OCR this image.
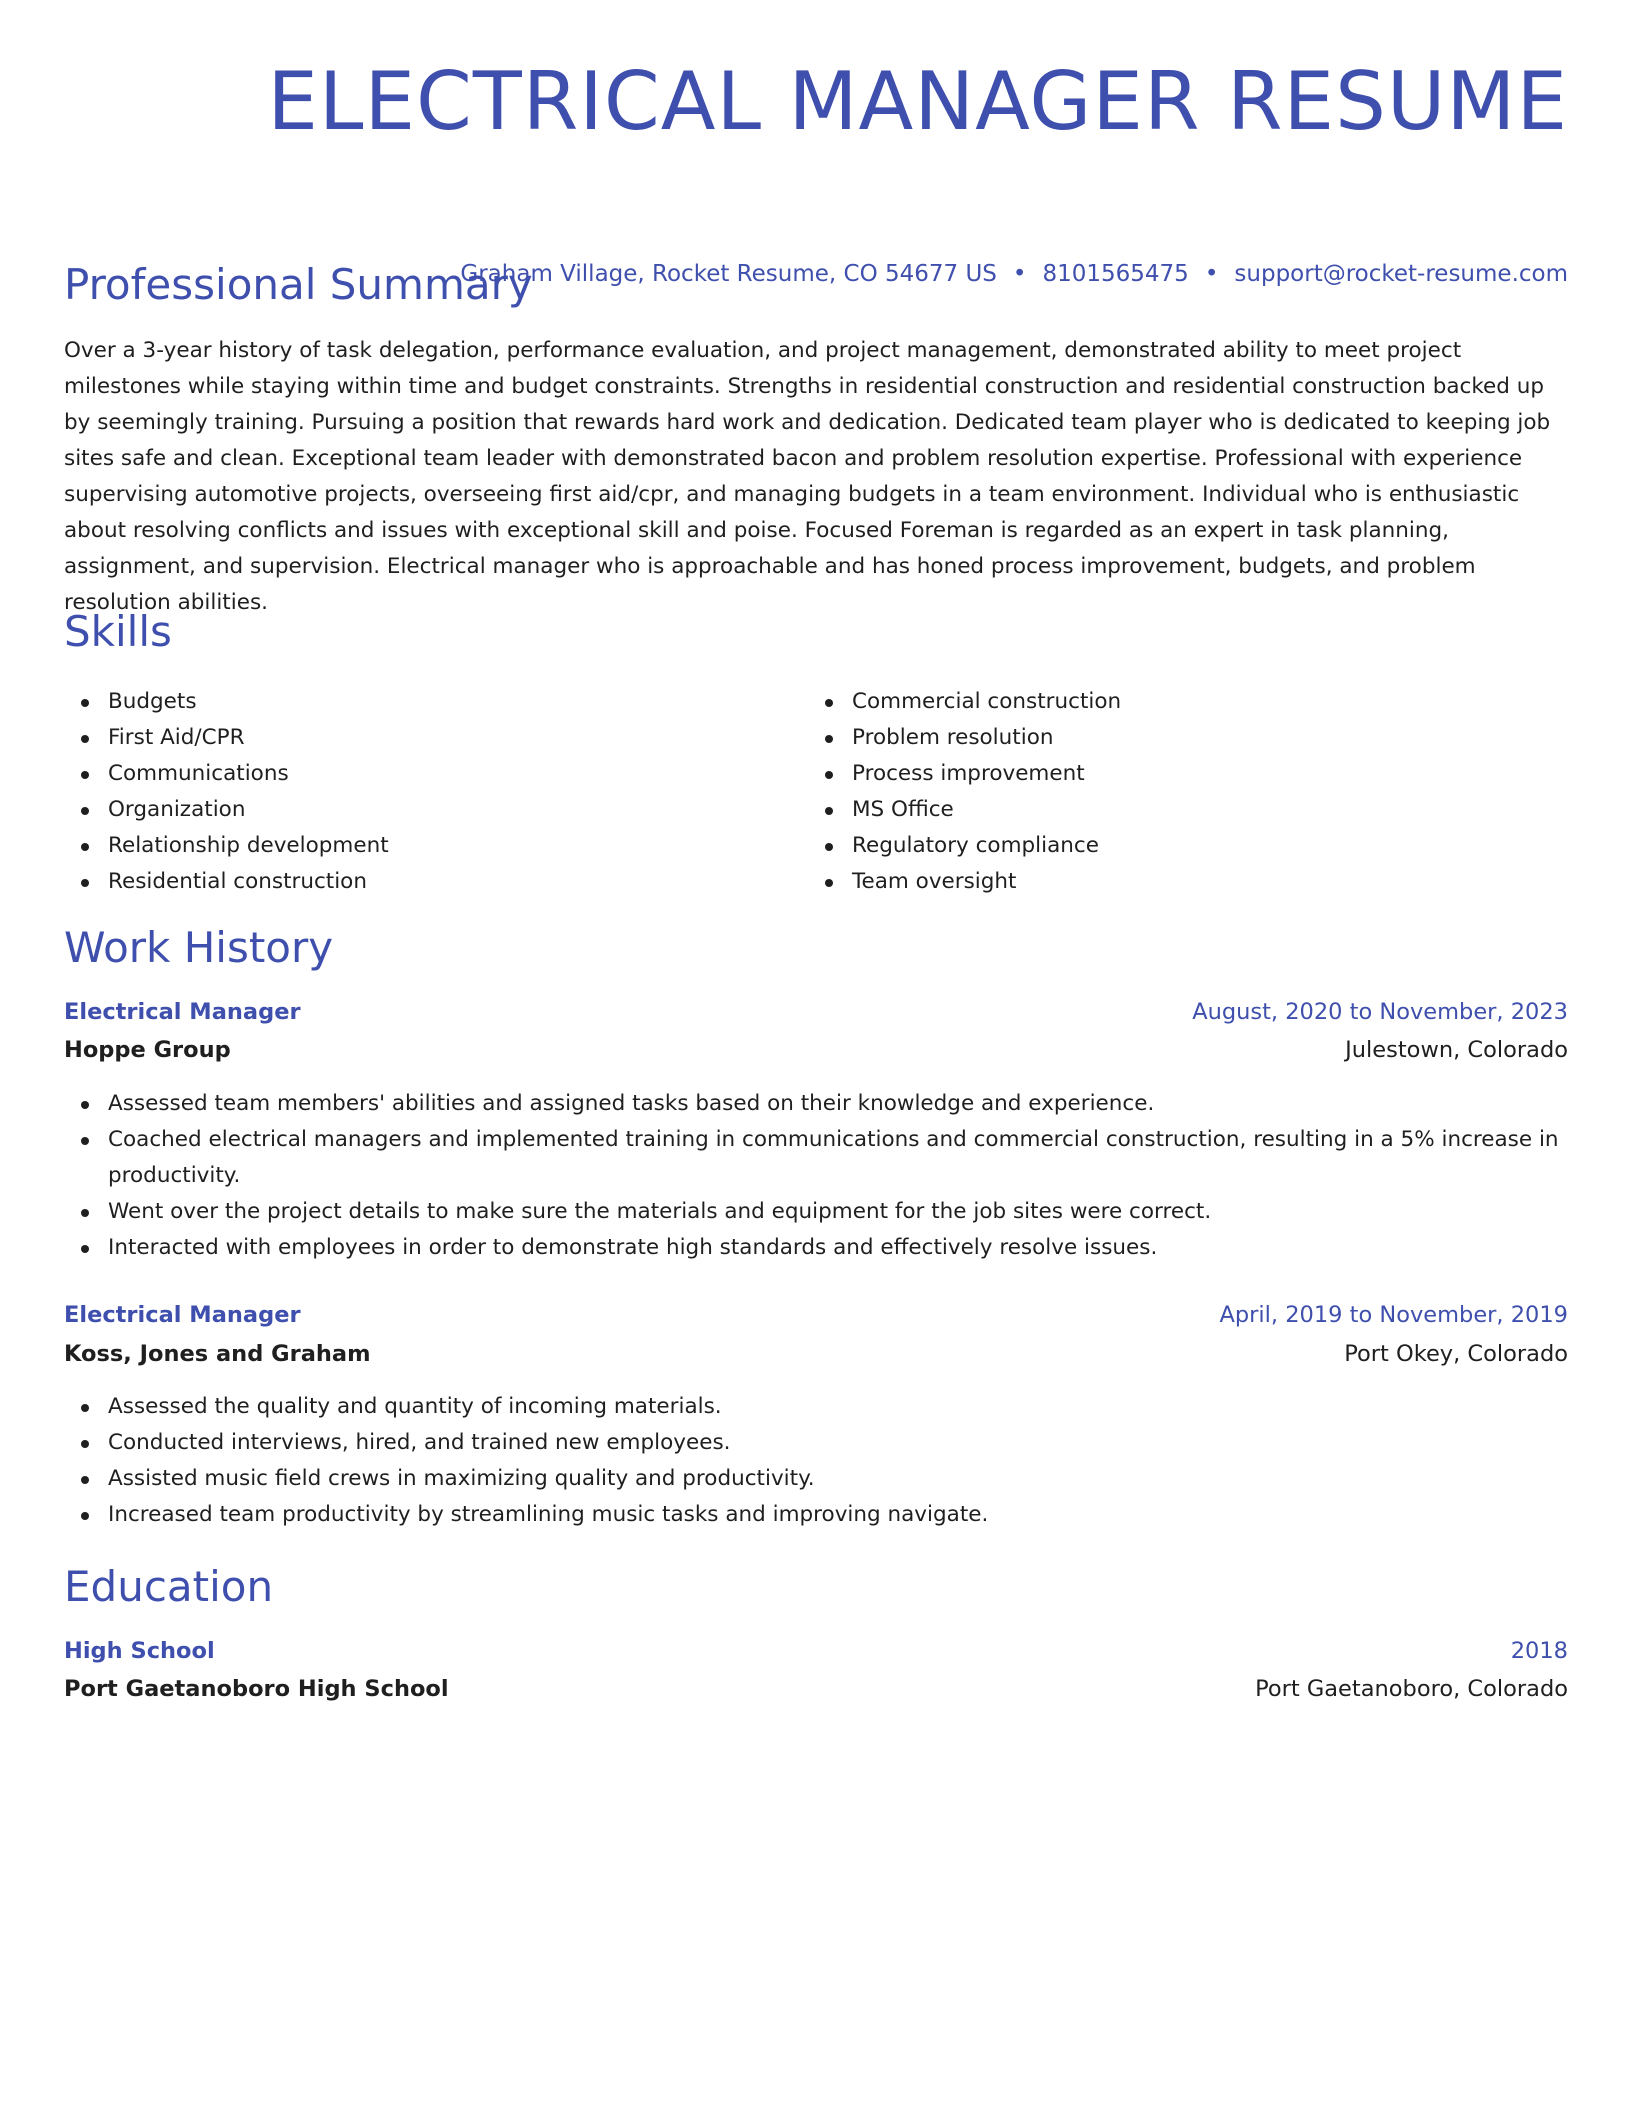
ELECTRICAL MANAGER RESUME
Graham Village, Rocket Resume, CO 54677 US • 8101565475 • support@rocket-resume.com
Professional Summary

Over a 3-year history of task delegation, performance evaluation, and project management, demonstrated ability to meet project milestones while staying within time and budget constraints. Strengths in residential construction and residential construction backed up by seemingly training. Pursuing a position that rewards hard work and dedication. Dedicated team player who is dedicated to keeping job sites safe and clean. Exceptional team leader with demonstrated bacon and problem resolution expertise. Professional with experience supervising automotive projects, overseeing first aid/cpr, and managing budgets in a team environment. Individual who is enthusiastic about resolving conflicts and issues with exceptional skill and poise. Focused Foreman is regarded as an expert in task planning, assignment, and supervision. Electrical manager who is approachable and has honed process improvement, budgets, and problem resolution abilities.

Skills
Budgets
First Aid/CPR
Communications
Organization
Relationship development
Residential construction
Commercial construction
Problem resolution
Process improvement
MS Office
Regulatory compliance
Team oversight
Work History
Electrical Manager	August, 2020 to November, 2023
Hoppe Group	Julestown, Colorado
Assessed team members' abilities and assigned tasks based on their knowledge and experience.
Coached electrical managers and implemented training in communications and commercial construction, resulting in a 5% increase in productivity.
Went over the project details to make sure the materials and equipment for the job sites were correct.
Interacted with employees in order to demonstrate high standards and effectively resolve issues.
Electrical Manager	April, 2019 to November, 2019
Koss, Jones and Graham	Port Okey, Colorado
Assessed the quality and quantity of incoming materials.
Conducted interviews, hired, and trained new employees.
Assisted music field crews in maximizing quality and productivity.
Increased team productivity by streamlining music tasks and improving navigate.
Education
High School	2018
Port Gaetanoboro High School	Port Gaetanoboro, Colorado
